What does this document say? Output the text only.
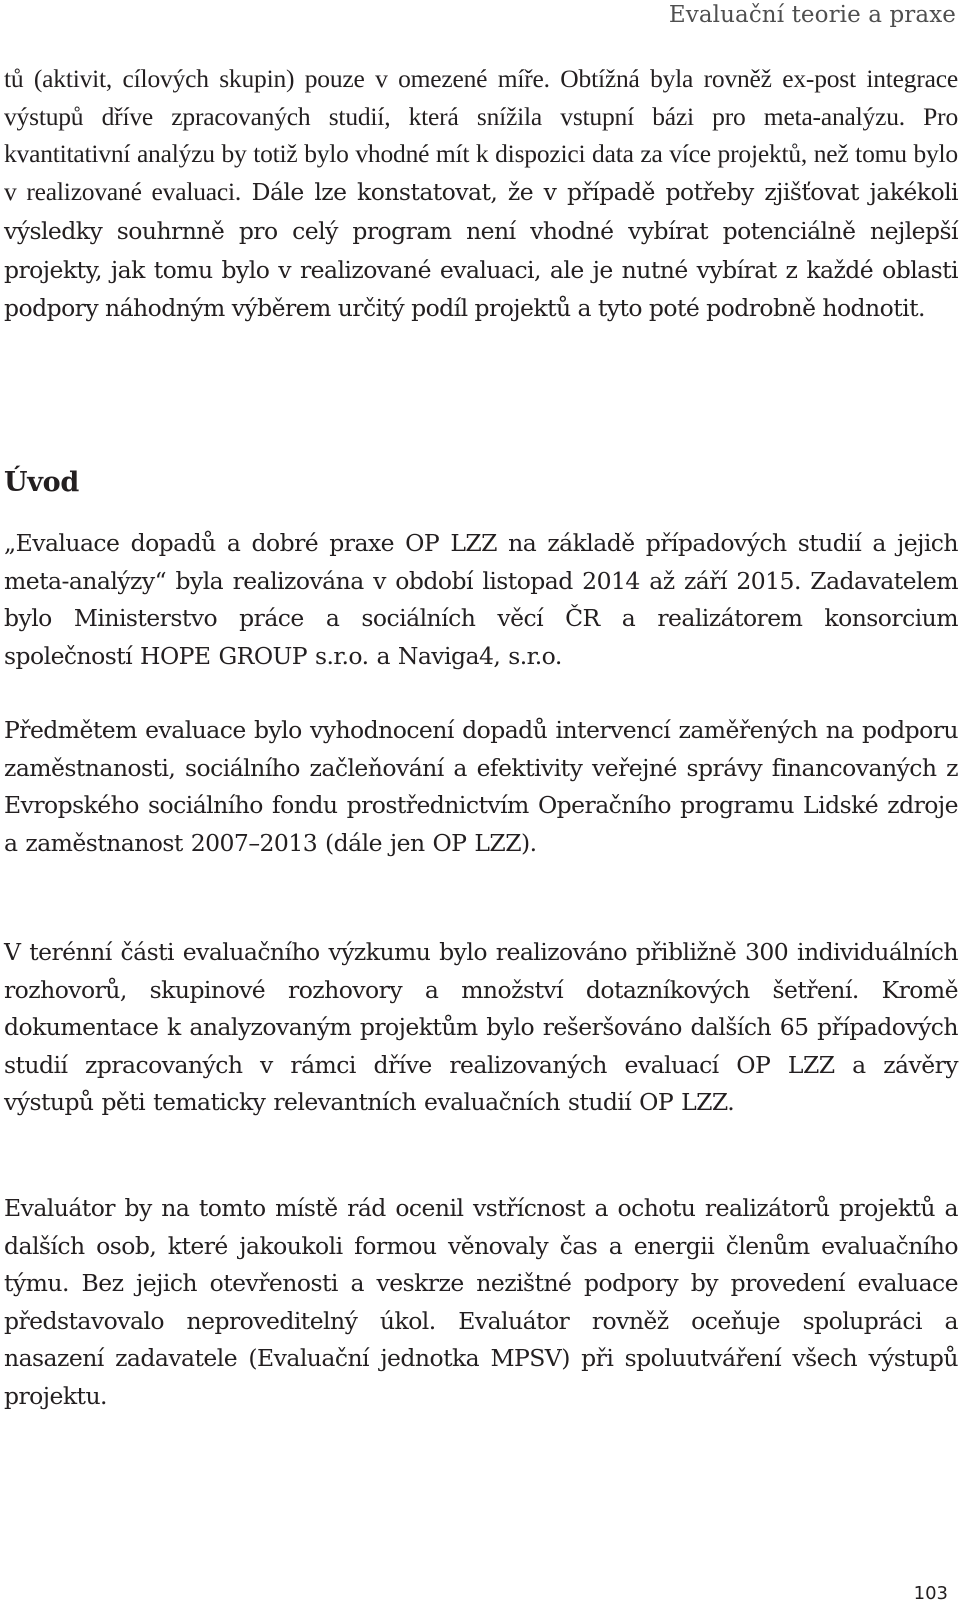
Evaluační teorie a praxe

tů (aktivit, cílových skupin) pouze v omezené míře. Obtížná byla rovněž ex-post integrace výstupů dříve zpracovaných studií, která snížila vstupní bázi pro meta-analýzu. Pro kvantitativní analýzu by totiž bylo vhodné mít k dispozici data za více projektů, než tomu bylo v realizované evaluaci. Dále lze konstatovat, že v případě potřeby zjišťovat jakékoli výsledky souhrnně pro celý program není vhodné vybírat potenciálně nejlepší projekty, jak tomu bylo v realizované evaluaci, ale je nutné vybírat z každé oblasti podpory náhodným výběrem určitý podíl projektů a tyto poté podrobně hodnotit.

Úvod

„Evaluace dopadů a dobré praxe OP LZZ na základě případových studií a jejich meta-analýzy“ byla realizována v období listopad 2014 až září 2015. Zadavatelem bylo Ministerstvo práce a sociálních věcí ČR a realizátorem konsorcium společností HOPE GROUP s.r.o. a Naviga4, s.r.o.

Předmětem evaluace bylo vyhodnocení dopadů intervencí zaměřených na podporu zaměstnanosti, sociálního začleňování a efektivity veřejné správy financovaných z Evropského sociálního fondu prostřednictvím Operačního programu Lidské zdroje a zaměstnanost 2007–2013 (dále jen OP LZZ).

V terénní části evaluačního výzkumu bylo realizováno přibližně 300 individuálních rozhovorů, skupinové rozhovory a množství dotazníkových šetření. Kromě dokumentace k analyzovaným projektům bylo rešeršováno dalších 65 případových studií zpracovaných v rámci dříve realizovaných evaluací OP LZZ a závěry výstupů pěti tematicky relevantních evaluačních studií OP LZZ.

Evaluátor by na tomto místě rád ocenil vstřícnost a ochotu realizátorů projektů a dalších osob, které jakoukoli formou věnovaly čas a energii členům evaluačního týmu. Bez jejich otevřenosti a veskrze nezištné podpory by provedení evaluace představovalo neproveditelný úkol. Evaluátor rovněž oceňuje spolupráci a nasazení zadavatele (Evaluační jednotka MPSV) při spoluutváření všech výstupů projektu.

103
